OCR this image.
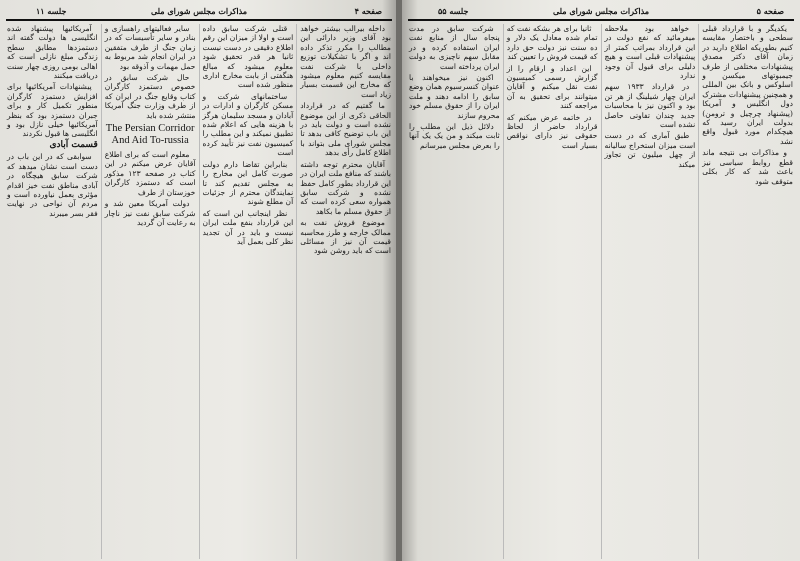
صفحه ۴
مذاکرات مجلس شورای ملی
جلسه ۱۱

داخله بیرالب بیشتر خواهد بود آقای وزیر دارائی این مطالب را مکرر تذکر داده اند و اگر با تشکیلات توزیع داخلی با شرکت نفت مقایسه کنیم معلوم میشود که مخارج این قسمت بسیار زیاد است

ما گفتیم که در قرارداد الحاقی ذکری از این موضوع نشده است و دولت باید در این باب توضیح کافی بدهد تا مجلس شورای ملی بتواند با اطلاع کامل رأی بدهد

آقایان محترم توجه داشته باشند که منافع ملت ایران در این قرارداد بطور کامل حفظ نشده و شرکت سابق همواره سعی کرده است که از حقوق مسلم ما بکاهد

موضوع فروش نفت به ممالک خارجه و طرز محاسبه قیمت آن نیز از مسائلی است که باید روشن شود

قتلی شرکت سابق داده است و اولا از میزان این رقم اطلاع دقیقی در دست نیست ثانیا هر قدر تحقیق شود معلوم میشود که مبالغ هنگفتی از بابت مخارج اداری منظور شده است

ساختمانهای شرکت و مسکن کارگران و ادارات در آبادان و مسجد سلیمان هرگز با هزینه هایی که اعلام شده تطبیق نمیکند و این مطلب را کمیسیون نفت نیز تأیید کرده است

بنابراین تقاضا دارم دولت صورت کامل این مخارج را به مجلس تقدیم کند تا نمایندگان محترم از جزئیات آن مطلع شوند

نظر اینجانب این است که این قرارداد بنفع ملت ایران نیست و باید در آن تجدید نظر کلی بعمل آید

سایر فعالیتهای راهسازی و بنادر و سایر تأسیسات که در زمان جنگ از طرف متفقین در ایران انجام شد مربوط به حمل مهمات و آذوقه بود

حال شرکت سابق در خصوص دستمزد کارگران کتاب وقایع جنگ در ایران که از طرف وزارت جنگ آمریکا منتشر شده باید

The Persian Corridor
And Aid To-russia

معلوم است که برای اطلاع آقایان عرض میکنم در این کتاب در صفحه ۱۲۳ مذکور است که دستمزد کارگران خوزستان از طرف

دولت آمریکا معین شد و شرکت سابق نفت نیز ناچار به رعایت آن گردید

آمریکائیها پیشنهاد شده انگلیسی ها دولت گفته اند دستمزدها مطابق سطح زندگی مبلغ نازلی است که اهالی بومی روزی چهار سنت دریافت میکنند

پیشنهادات آمریکائیها برای افزایش دستمزد کارگران منطور تکمیل کار و برای جبران دستمزد بود که بنظر آمریکائیها خیلی نازل بود و انگلیسی ها قبول نکردند

قسمت آبادی

سوابقی که در این باب در دست است نشان میدهد که شرکت سابق هیچگاه در آبادی مناطق نفت خیز اقدام مؤثری بعمل نیاورده است و مردم آن نواحی در نهایت فقر بسر میبرند

صفحه ۵
مذاکرات مجلس شورای ملی
جلسه ۵۵

یکدیگر و با قرارداد قبلی سطحی و باختصار مقایسه کنیم بطوریکه اطلاع دارید در زمان آقای دکتر مصدق پیشنهادات مختلفی از طرف جیمبوتهای میکسن و اسلوکس و بانک بین المللی و همچنین پیشنهادات مشترک دول انگلیس و آمریکا (پیشنهاد چرچیل و ترومن) بدولت ایران رسید که هیچکدام مورد قبول واقع نشد

و مذاکرات بی نتیجه ماند قطع روابط سیاسی نیز باعث شد که کار بکلی متوقف شود

خواهد بود ملاحظه میفرمائید که نفع دولت در این قرارداد بمراتب کمتر از پیشنهادات قبلی است و هیچ دلیلی برای قبول آن وجود ندارد

در قرارداد ۱۹۳۳ سهم ایران چهار شیلینگ از هر تن بود و اکنون نیز با محاسبات جدید چندان تفاوتی حاصل نشده است

طبق آماری که در دست است میزان استخراج سالیانه از چهل میلیون تن تجاوز میکند

ثانیا برای هر بشکه نفت که تمام شده معادل یک دلار و ده سنت نیز دولت حق دارد که قیمت فروش را تعیین کند

این اعداد و ارقام را از گزارش رسمی کمیسیون نفت نقل میکنم و آقایان میتوانند برای تحقیق به آن مراجعه کنند

در خاتمه عرض میکنم که قرارداد حاضر از لحاظ حقوقی نیز دارای نواقص بسیار است

شرکت سابق در مدت پنجاه سال از منابع نفت ایران استفاده کرده و در مقابل سهم ناچیزی به دولت ایران پرداخته است

اکنون نیز میخواهند با عنوان کنسرسیوم همان وضع سابق را ادامه دهند و ملت ایران را از حقوق مسلم خود محروم سازند

دلائل ذیل این مطلب را ثابت میکند و من یک یک آنها را بعرض مجلس میرسانم
